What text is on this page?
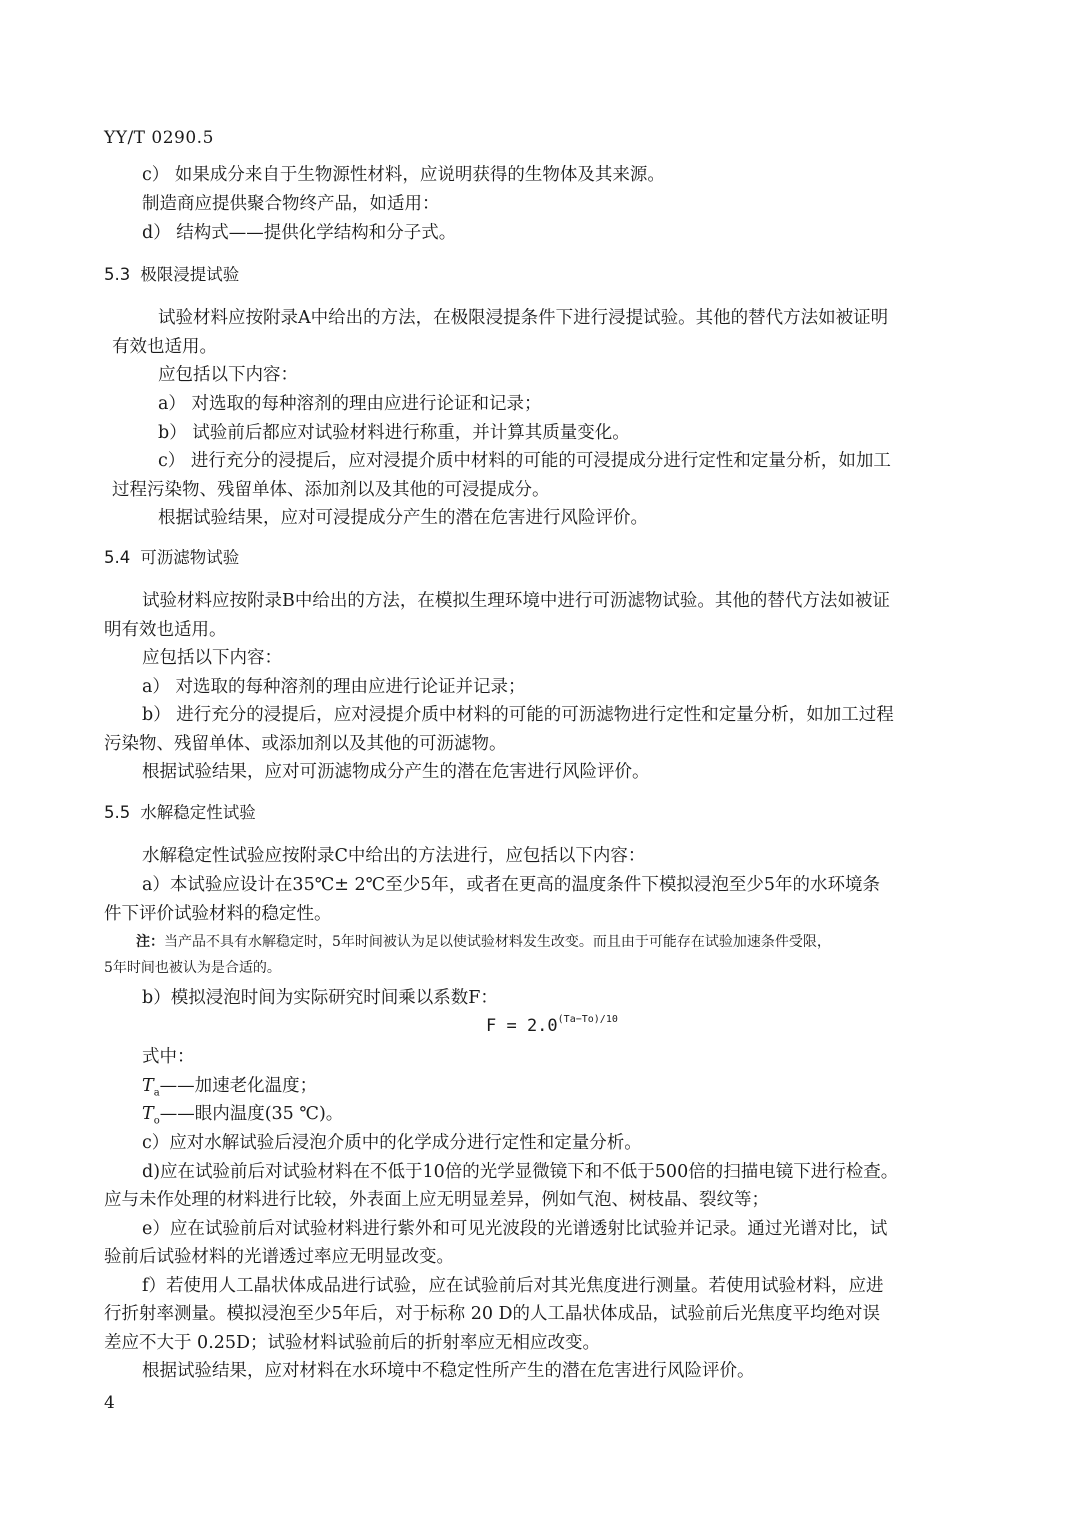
YY/T 0290.5
c） 如果成分来自于生物源性材料，应说明获得的生物体及其来源。
制造商应提供聚合物终产品，如适用：
d） 结构式——提供化学结构和分子式。
5.3 极限浸提试验
试验材料应按附录A中给出的方法，在极限浸提条件下进行浸提试验。其他的替代方法如被证明
有效也适用。
应包括以下内容：
a） 对选取的每种溶剂的理由应进行论证和记录；
b） 试验前后都应对试验材料进行称重，并计算其质量变化。
c） 进行充分的浸提后，应对浸提介质中材料的可能的可浸提成分进行定性和定量分析，如加工
过程污染物、残留单体、添加剂以及其他的可浸提成分。
根据试验结果，应对可浸提成分产生的潜在危害进行风险评价。
5.4 可沥滤物试验
试验材料应按附录B中给出的方法，在模拟生理环境中进行可沥滤物试验。其他的替代方法如被证
明有效也适用。
应包括以下内容：
a） 对选取的每种溶剂的理由应进行论证并记录；
b） 进行充分的浸提后，应对浸提介质中材料的可能的可沥滤物进行定性和定量分析，如加工过程
污染物、残留单体、或添加剂以及其他的可沥滤物。
根据试验结果，应对可沥滤物成分产生的潜在危害进行风险评价。
5.5 水解稳定性试验
水解稳定性试验应按附录C中给出的方法进行，应包括以下内容：
a）本试验应设计在35℃± 2℃至少5年，或者在更高的温度条件下模拟浸泡至少5年的水环境条
件下评价试验材料的稳定性。
注：当产品不具有水解稳定时，5年时间被认为足以使试验材料发生改变。而且由于可能存在试验加速条件受限，
5年时间也被认为是合适的。
b）模拟浸泡时间为实际研究时间乘以系数F：
$F = 2.0^{(Ta-To)/10}$
式中：
$T_a——$加速老化温度；
$T_o——$眼内温度(35 ℃)。
c）应对水解试验后浸泡介质中的化学成分进行定性和定量分析。
d)应在试验前后对试验材料在不低于10倍的光学显微镜下和不低于500倍的扫描电镜下进行检查。
应与未作处理的材料进行比较，外表面上应无明显差异，例如气泡、树枝晶、裂纹等；
e）应在试验前后对试验材料进行紫外和可见光波段的光谱透射比试验并记录。通过光谱对比，试
验前后试验材料的光谱透过率应无明显改变。
f）若使用人工晶状体成品进行试验，应在试验前后对其光焦度进行测量。若使用试验材料，应进
行折射率测量。模拟浸泡至少5年后，对于标称 20 D的人工晶状体成品，试验前后光焦度平均绝对误
差应不大于 0.25D；试验材料试验前后的折射率应无相应改变。
根据试验结果，应对材料在水环境中不稳定性所产生的潜在危害进行风险评价。
4
